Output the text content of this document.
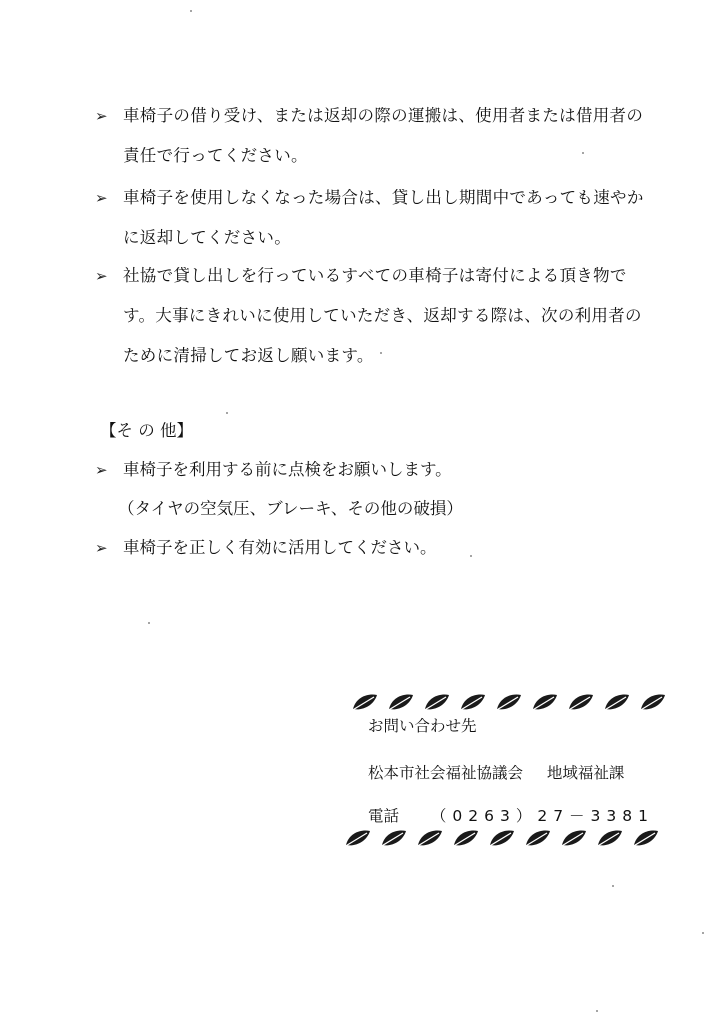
➢ 車椅子の借り受け、または返却の際の運搬は、使用者または借用者の
責任で行ってください。
➢ 車椅子を使用しなくなった場合は、貸し出し期間中であっても速やか
に返却してください。
➢ 社協で貸し出しを行っているすべての車椅子は寄付による頂き物で
す。大事にきれいに使用していただき、返却する際は、次の利用者の
ために清掃してお返し願います。
【そ の 他】
➢ 車椅子を利用する前に点検をお願いします。
（タイヤの空気圧、ブレーキ、その他の破損）
➢ 車椅子を正しく有効に活用してください。
お問い合わせ先
松本市社会福祉協議会 地域福祉課
電話 （0263）27－3381
